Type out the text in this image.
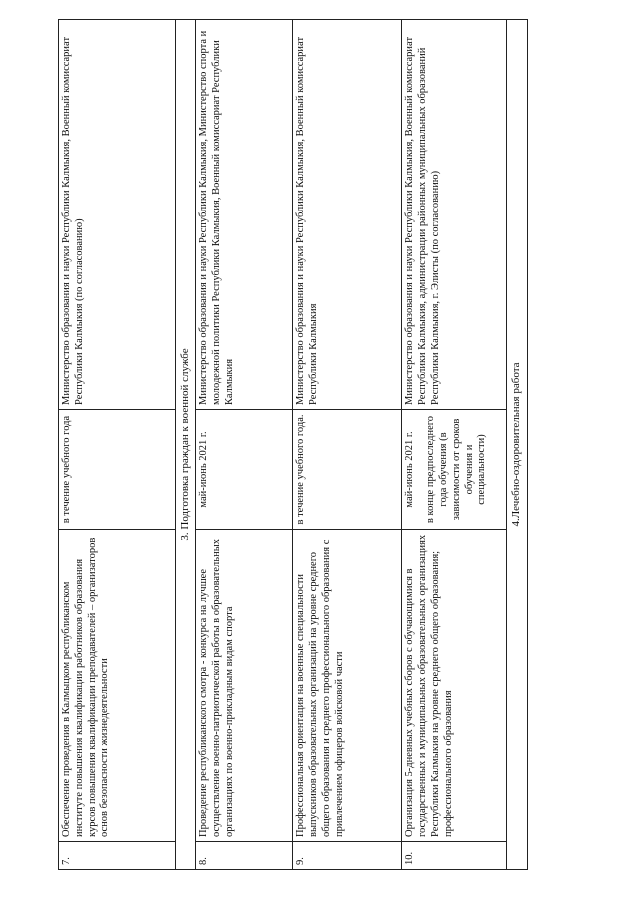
7.	Обеспечение проведения в Калмыцком республиканском институте повышения квалификации работников образования курсов повышения квалификации преподавателей – организаторов основ безопасности жизнедеятельности	в течение учебного года	Министерство образования и науки Республики Калмыкия, Военный комиссариат Республики Калмыкия (по согласованию)
3. Подготовка граждан к военной службе			
8.	Проведение республиканского смотра - конкурса на лучшее осуществление военно-патриотической работы в образовательных организациях по военно-прикладным видам спорта	май-июнь 2021 г.	Министерство образования и науки Республики Калмыкия, Министерство спорта и молодежной политики Республики Калмыкия, Военный комиссариат Республики Калмыкия
9.	Профессиональная ориентация на военные специальности выпускников образовательных организаций на уровне среднего общего образования и среднего профессионального образования с привлечением офицеров войсковой части	в течение учебного года.	Министерство образования и науки Республики Калмыкия, Военный комиссариат Республики Калмыкия
10.	Организация 5-дневных учебных сборов с обучающимися в государственных и муниципальных образовательных организациях Республики Калмыкия на уровне среднего общего образования; профессионального образования	май-июнь 2021 г. в конце предпоследнего года обучения (в зависимости от сроков обучения и специальности)	Министерство образования и науки Республики Калмыкия, Военный комиссариат Республики Калмыкия, администрации районных муниципальных образований Республики Калмыкия, г. Элисты (по согласованию)
4.Лечебно-оздоровительная работа			
